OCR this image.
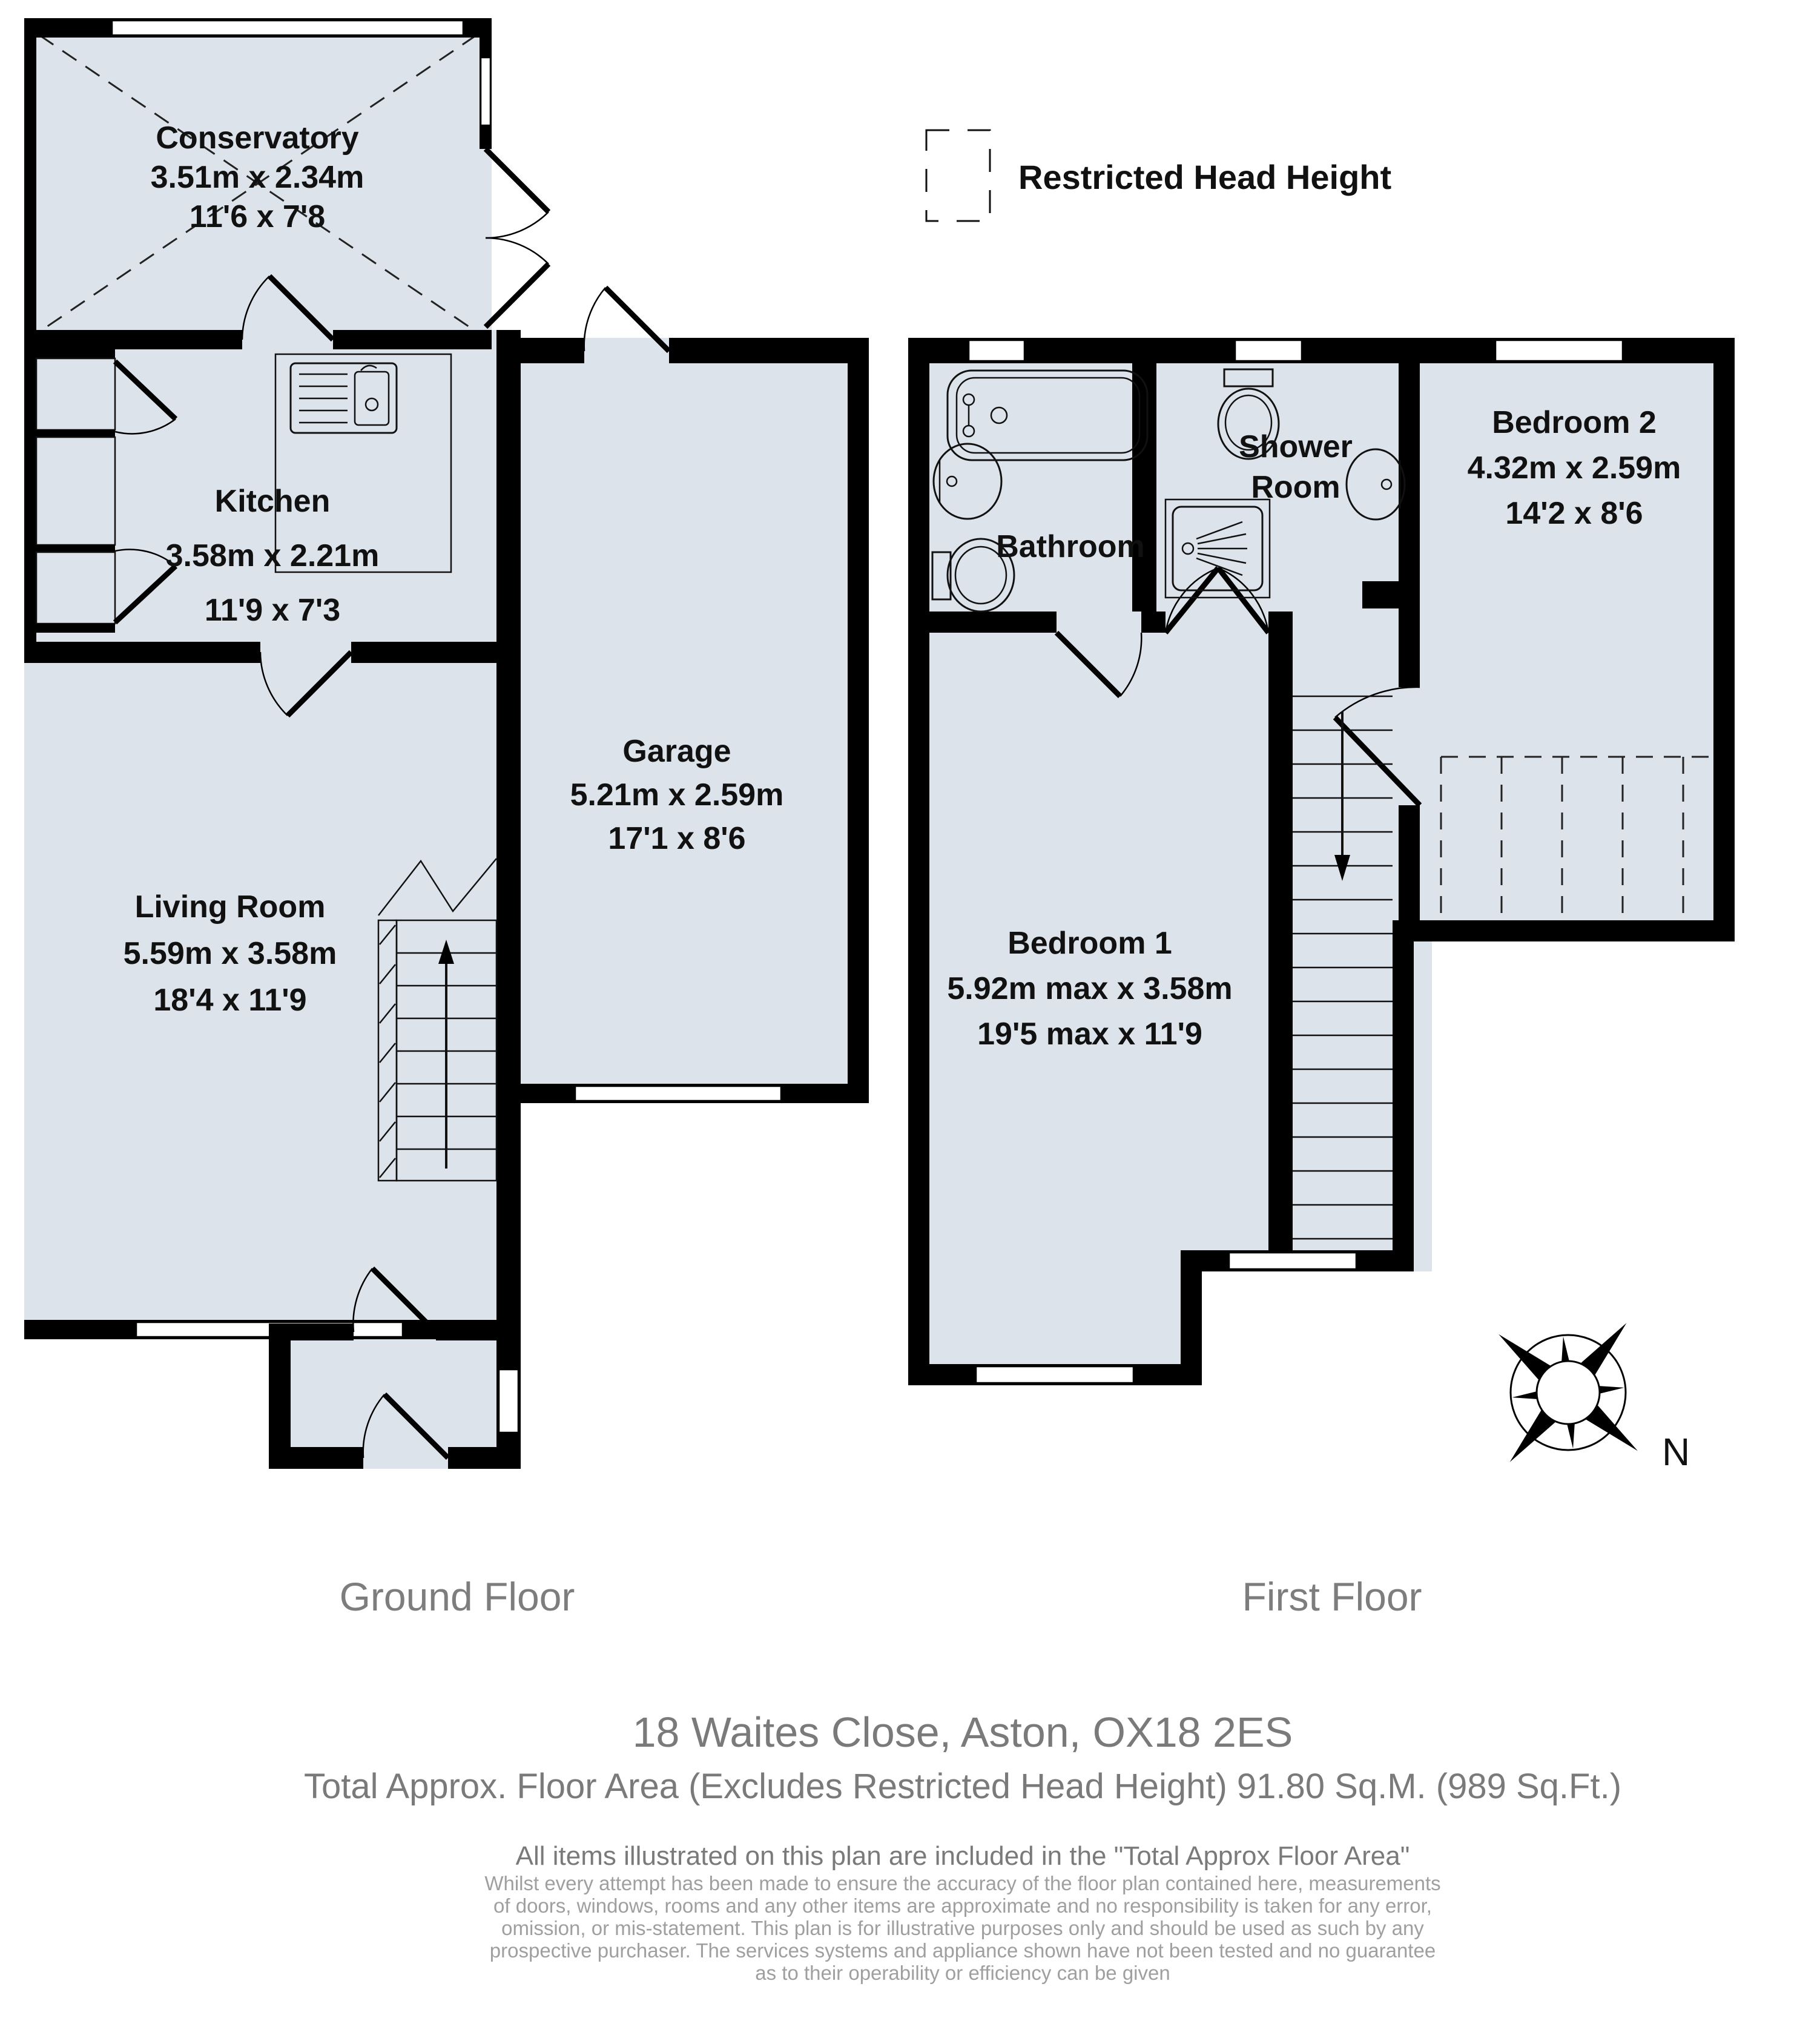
Conservatory
3.51m x 2.34m
11'6 x 7'8
Kitchen
3.58m x 2.21m
11'9 x 7'3
Garage
5.21m x 2.59m
17'1 x 8'6
Living Room
5.59m x 3.58m
18'4 x 11'9
Restricted Head Height
Bathroom
Shower
Room
Bedroom 2
4.32m x 2.59m
14'2 x 8'6
Bedroom 1
5.92m max x 3.58m
19'5 max x 11'9
N
Ground Floor	First Floor
18 Waites Close, Aston, OX18 2ES
Total Approx. Floor Area (Excludes Restricted Head Height) 91.80 Sq.M. (989 Sq.Ft.)
All items illustrated on this plan are included in the "Total Approx Floor Area"
Whilst every attempt has been made to ensure the accuracy of the floor plan contained here, measurements
of doors, windows, rooms and any other items are approximate and no responsibility is taken for any error,
omission, or mis-statement. This plan is for illustrative purposes only and should be used as such by any
prospective purchaser. The services systems and appliance shown have not been tested and no guarantee
as to their operability or efficiency can be given
